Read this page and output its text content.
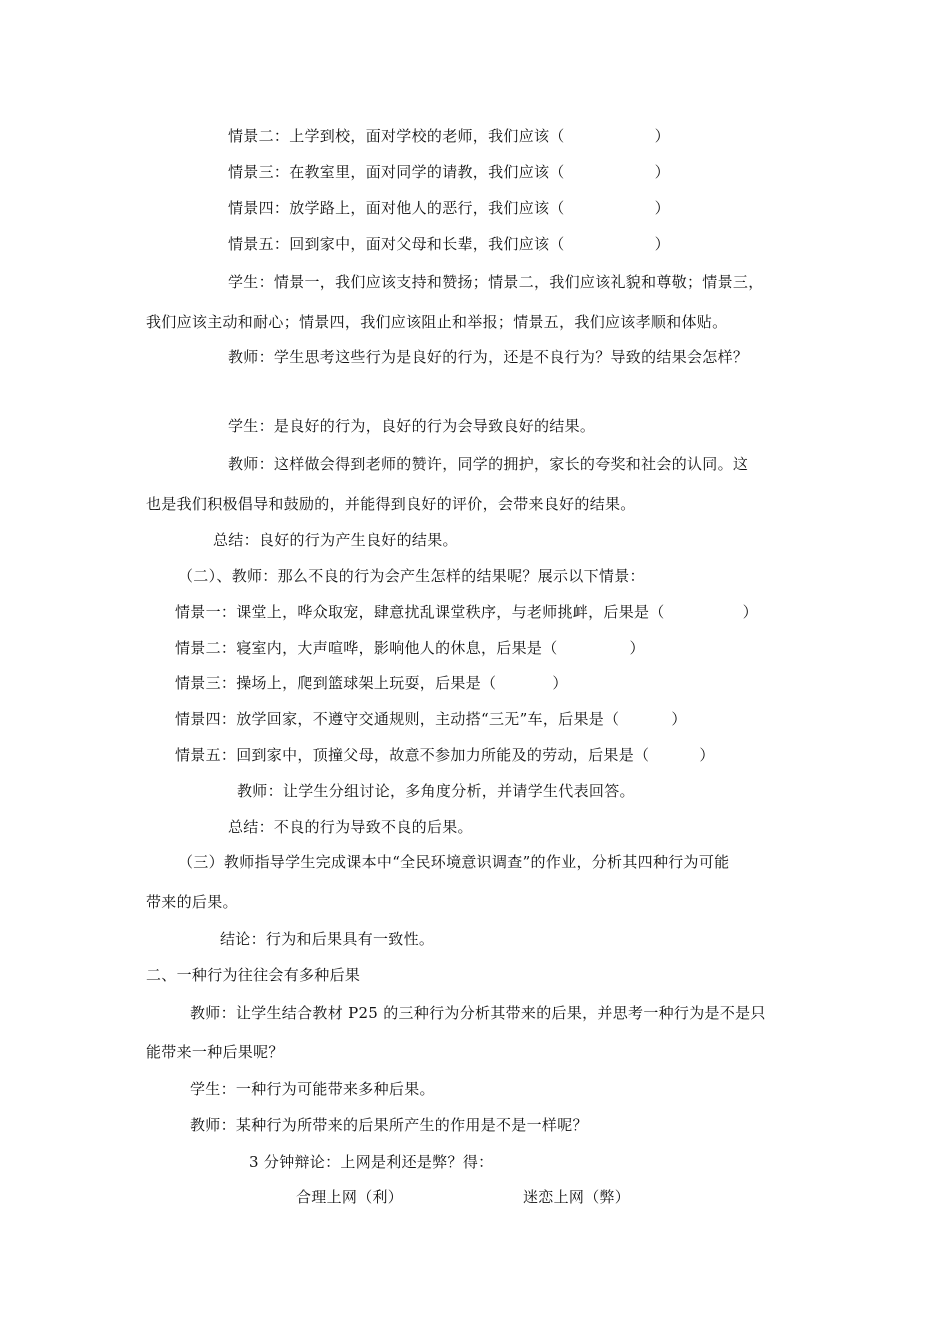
情景二：上学到校，面对学校的老师，我们应该（	）
情景三：在教室里，面对同学的请教，我们应该（	）
情景四：放学路上，面对他人的恶行，我们应该（	）
情景五：回到家中，面对父母和长辈，我们应该（	）
学生：情景一，我们应该支持和赞扬；情景二，我们应该礼貌和尊敬；情景三，
我们应该主动和耐心；情景四，我们应该阻止和举报；情景五，我们应该孝顺和体贴。
教师：学生思考这些行为是良好的行为，还是不良行为？导致的结果会怎样？
学生：是良好的行为，良好的行为会导致良好的结果。
教师：这样做会得到老师的赞许，同学的拥护，家长的夸奖和社会的认同。这
也是我们积极倡导和鼓励的，并能得到良好的评价，会带来良好的结果。
总结：良好的行为产生良好的结果。
（二）、教师：那么不良的行为会产生怎样的结果呢？展示以下情景：
情景一：课堂上，哗众取宠，肆意扰乱课堂秩序，与老师挑衅，后果是（	）
情景二：寝室内，大声喧哗，影响他人的休息，后果是（	）
情景三：操场上，爬到篮球架上玩耍，后果是（	）
情景四：放学回家，不遵守交通规则，主动搭“三无”车，后果是（	）
情景五：回到家中，顶撞父母，故意不参加力所能及的劳动，后果是（	）
教师：让学生分组讨论，多角度分析，并请学生代表回答。
总结：不良的行为导致不良的后果。
（三）教师指导学生完成课本中“全民环境意识调查”的作业，分析其四种行为可能
带来的后果。
结论：行为和后果具有一致性。
二、一种行为往往会有多种后果
教师：让学生结合教材 P25 的三种行为分析其带来的后果，并思考一种行为是不是只
能带来一种后果呢？
学生：一种行为可能带来多种后果。
教师：某种行为所带来的后果所产生的作用是不是一样呢？
3 分钟辩论：上网是利还是弊？得：
合理上网（利）	迷恋上网（弊）
